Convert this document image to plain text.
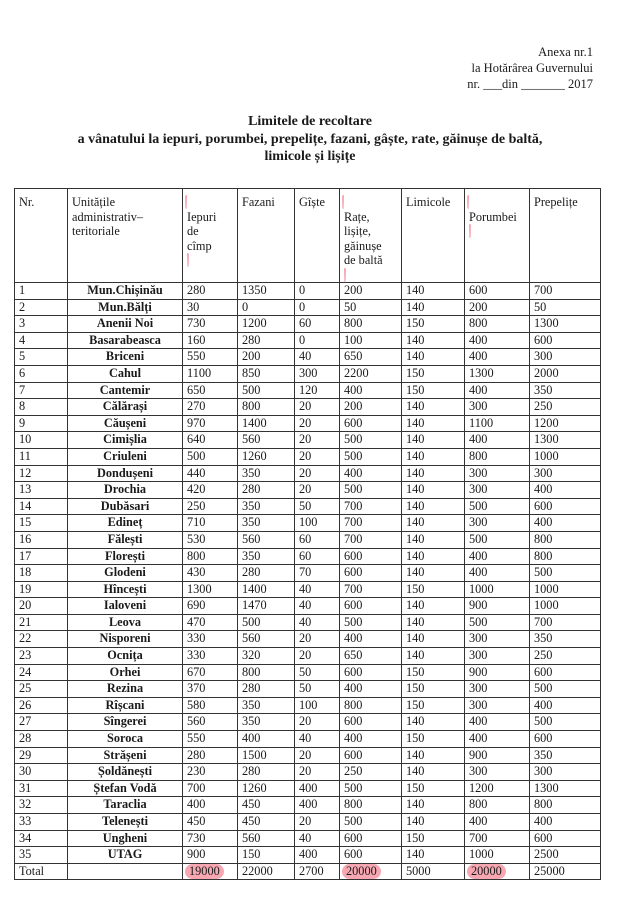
Anexa nr.1
la Hotărârea Guvernului
nr. ___din _______ 2017
Limitele de recoltare
a vânatului la iepuri, porumbei, prepelițe, fazani, gâște, rate, găinușe de baltă,
limicole și lișițe
Nr.	Unitățile
administrativ–
teritoriale	Iepuri
de
cîmp	Fazani	Gîște	Rațe,
lișițe,
găinușe
de baltă	Limicole	Porumbei	Prepelițe

1	Mun.Chișinău	280	1350	0	200	140	600	700
2	Mun.Bălți	30	0	0	50	140	200	50
3	Anenii Noi	730	1200	60	800	150	800	1300
4	Basarabeasca	160	280	0	100	140	400	600
5	Briceni	550	200	40	650	140	400	300
6	Cahul	1100	850	300	2200	150	1300	2000
7	Cantemir	650	500	120	400	150	400	350
8	Călărași	270	800	20	200	140	300	250
9	Căușeni	970	1400	20	600	140	1100	1200
10	Cimișlia	640	560	20	500	140	400	1300
11	Criuleni	500	1260	20	500	140	800	1000
12	Dondușeni	440	350	20	400	140	300	300
13	Drochia	420	280	20	500	140	300	400
14	Dubăsari	250	350	50	700	140	500	600
15	Edineț	710	350	100	700	140	300	400
16	Fălești	530	560	60	700	140	500	800
17	Florești	800	350	60	600	140	400	800
18	Glodeni	430	280	70	600	140	400	500
19	Hîncești	1300	1400	40	700	150	1000	1000
20	Ialoveni	690	1470	40	600	140	900	1000
21	Leova	470	500	40	500	140	500	700
22	Nisporeni	330	560	20	400	140	300	350
23	Ocnița	330	320	20	650	140	300	250
24	Orhei	670	800	50	600	150	900	600
25	Rezina	370	280	50	400	150	300	500
26	Rîșcani	580	350	100	800	150	300	400
27	Sîngerei	560	350	20	600	140	400	500
28	Soroca	550	400	40	400	150	400	600
29	Strășeni	280	1500	20	600	140	900	350
30	Șoldănești	230	280	20	250	140	300	300
31	Ștefan Vodă	700	1260	400	500	150	1200	1300
32	Taraclia	400	450	400	800	140	800	800
33	Telenești	450	450	20	500	140	400	400
34	Ungheni	730	560	40	600	150	700	600
35	UTAG	900	150	400	600	140	1000	2500
Total		19000	22000	2700	20000	5000	20000	25000
